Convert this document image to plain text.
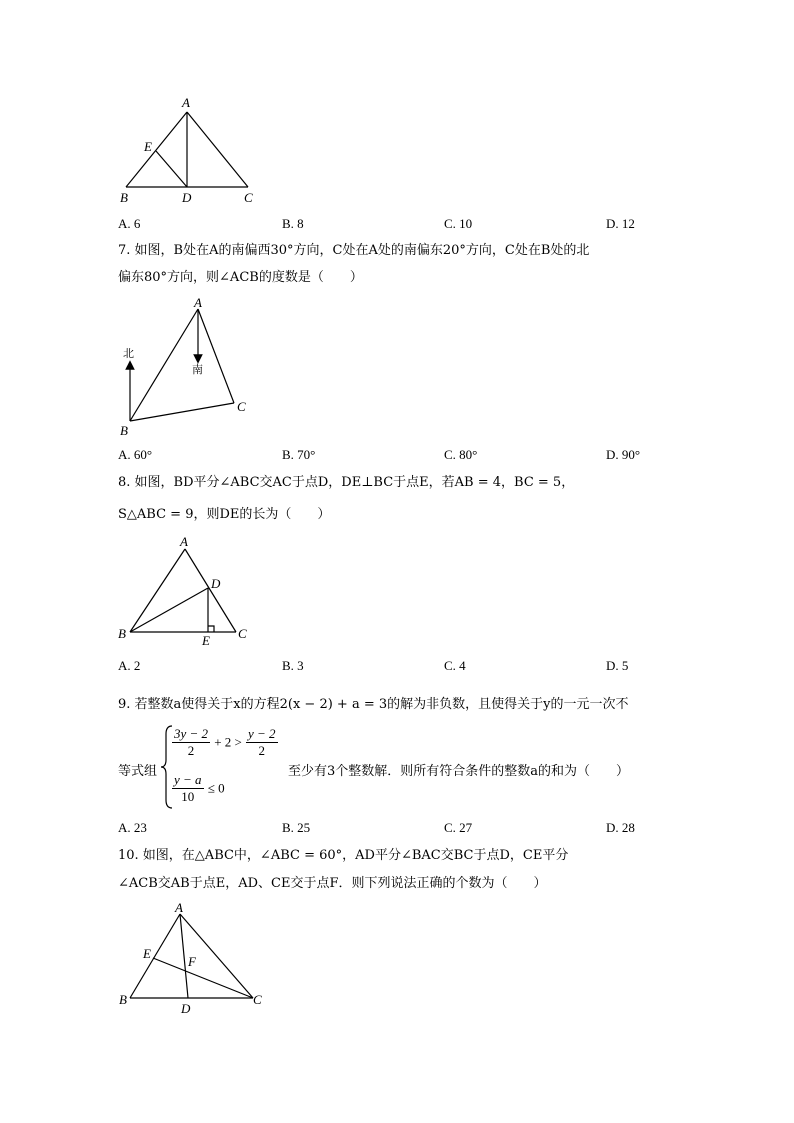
A
E
B	D	C
A. 6	B. 8	C. 10	D. 12
7. 如图，B处在A的南偏西30°方向，C处在A处的南偏东20°方向，C处在B处的北
偏东80°方向，则∠ACB的度数是（　　）
A
北
南
C
B
A. 60°	B. 70°	C. 80°	D. 90°
8. 如图，BD平分∠ABC交AC于点D，DE⊥BC于点E，若AB = 4，BC = 5，
S△ABC = 9，则DE的长为（　　）
A
D
B	E C
A. 2	B. 3	C. 4	D. 5
9. 若整数a使得关于x的方程2(x − 2) + a = 3的解为非负数，且使得关于y的一元一次不
等式组
$\frac{3y - 2}{2} + 2 > \frac{y - 2}{2}$
$\frac{y - a}{10} \le 0$
至少有3个整数解．则所有符合条件的整数a的和为（　　）
A. 23	B. 25	C. 27	D. 28
10. 如图，在△ABC中，∠ABC = 60°，AD平分∠BAC交BC于点D，CE平分
∠ACB交AB于点E，AD、CE交于点F．则下列说法正确的个数为（　　）
A
E
F
B
D
C
